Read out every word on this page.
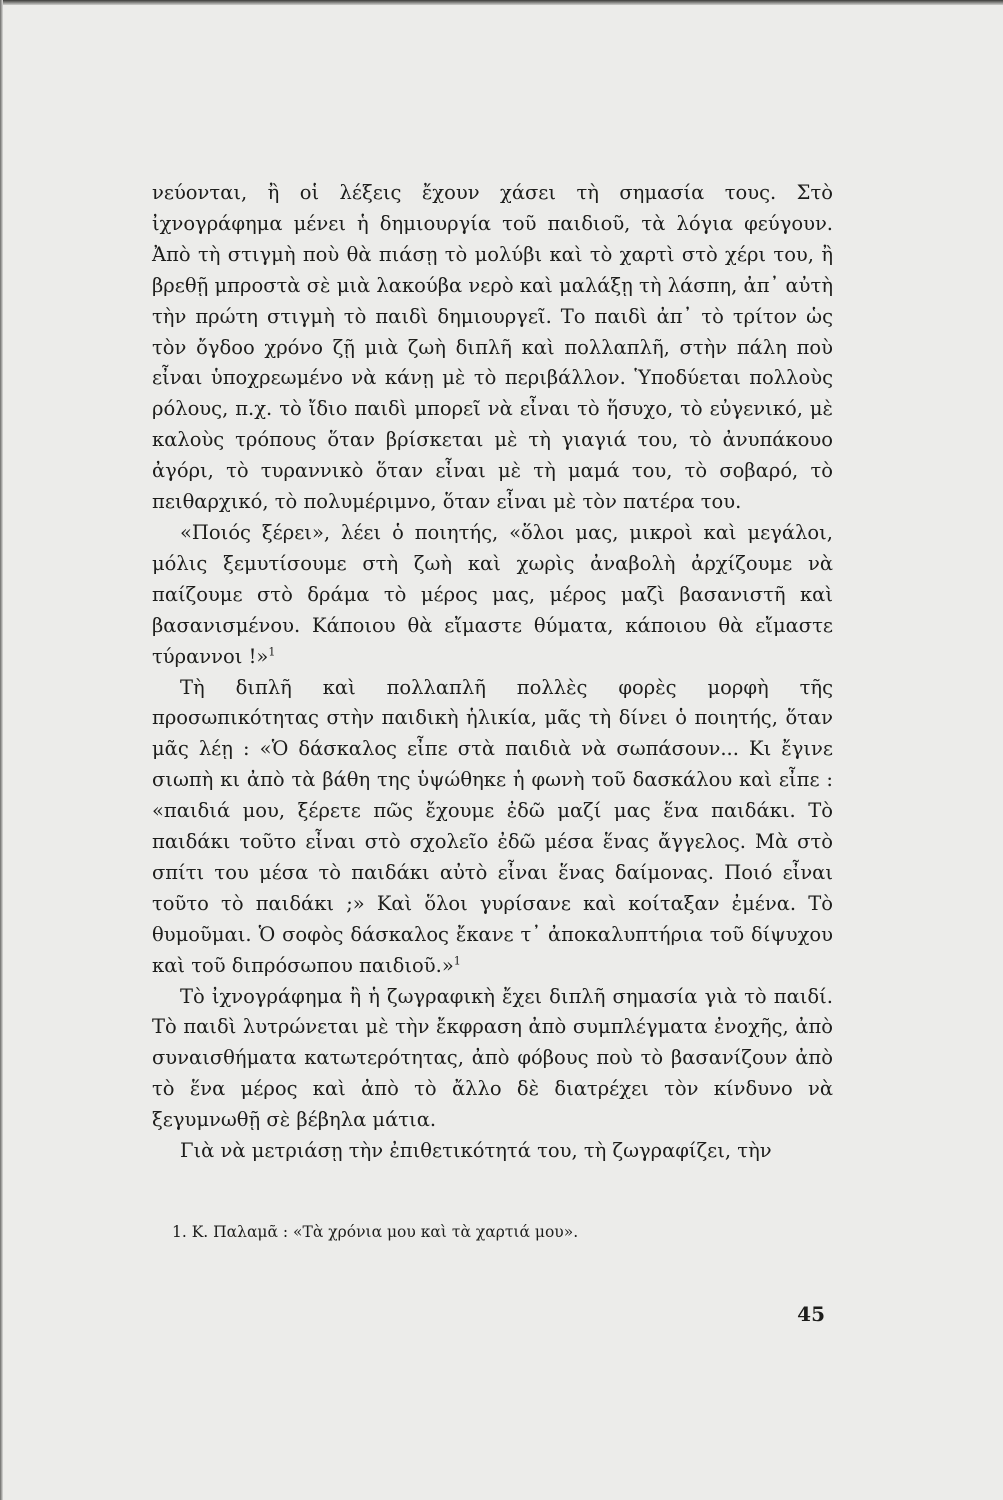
νεύονται, ἢ οἱ λέξεις ἔχουν χάσει τὴ σημασία τους. Στὸ ἰχνογράφημα μένει ἡ δημιουργία τοῦ παιδιοῦ, τὰ λόγια φεύγουν. Ἀπὸ τὴ στιγμὴ ποὺ θὰ πιάσῃ τὸ μολύβι καὶ τὸ χαρτὶ στὸ χέρι του, ἢ βρεθῇ μπροστὰ σὲ μιὰ λακούβα νερὸ καὶ μαλάξῃ τὴ λάσπη, ἀπ᾽ αὐτὴ τὴν πρώτη στιγμὴ τὸ παιδὶ δημιουργεῖ. Το παιδὶ ἀπ᾽ τὸ τρίτον ὡς τὸν ὄγδοο χρόνο ζῇ μιὰ ζωὴ διπλῆ καὶ πολλαπλῆ, στὴν πάλη ποὺ εἶναι ὑποχρεωμένο νὰ κάνῃ μὲ τὸ περιβάλλον. Ὑποδύεται πολλοὺς ρόλους, π.χ. τὸ ἴδιο παιδὶ μπορεῖ νὰ εἶναι τὸ ἥσυχο, τὸ εὐγενικό, μὲ καλοὺς τρόπους ὅταν βρίσκεται μὲ τὴ γιαγιά του, τὸ ἀνυπάκουο ἀγόρι, τὸ τυραννικὸ ὅταν εἶναι μὲ τὴ μαμά του, τὸ σοβαρό, τὸ πειθαρχικό, τὸ πολυμέριμνο, ὅταν εἶναι μὲ τὸν πατέρα του.

«Ποιός ξέρει», λέει ὁ ποιητής, «ὅλοι μας, μικροὶ καὶ μεγάλοι, μόλις ξεμυτίσουμε στὴ ζωὴ καὶ χωρὶς ἀναβολὴ ἀρχίζουμε νὰ παίζουμε στὸ δράμα τὸ μέρος μας, μέρος μαζὶ βασανιστῆ καὶ βασανισμένου. Κάποιου θὰ εἴμαστε θύματα, κάποιου θὰ εἴμαστε τύραννοι !»$^1$

Τὴ διπλῆ καὶ πολλαπλῆ πολλὲς φορὲς μορφὴ τῆς προσωπικότητας στὴν παιδικὴ ἡλικία, μᾶς τὴ δίνει ὁ ποιητής, ὅταν μᾶς λέῃ : «Ὁ δάσκαλος εἶπε στὰ παιδιὰ νὰ σωπάσουν... Κι ἔγινε σιωπὴ κι ἀπὸ τὰ βάθη της ὑψώθηκε ἡ φωνὴ τοῦ δασκάλου καὶ εἶπε : «παιδιά μου, ξέρετε πῶς ἔχουμε ἐδῶ μαζί μας ἕνα παιδάκι. Τὸ παιδάκι τοῦτο εἶναι στὸ σχολεῖο ἐδῶ μέσα ἕνας ἄγγελος. Μὰ στὸ σπίτι του μέσα τὸ παιδάκι αὐτὸ εἶναι ἕνας δαίμονας. Ποιό εἶναι τοῦτο τὸ παιδάκι ;» Καὶ ὅλοι γυρίσανε καὶ κοίταξαν ἐμένα. Τὸ θυμοῦμαι. Ὁ σοφὸς δάσκαλος ἔκανε τ᾽ ἀποκαλυπτήρια τοῦ δίψυχου καὶ τοῦ διπρόσωπου παιδιοῦ.»$^1$

Τὸ ἰχνογράφημα ἢ ἡ ζωγραφικὴ ἔχει διπλῆ σημασία γιὰ τὸ παιδί. Τὸ παιδὶ λυτρώνεται μὲ τὴν ἔκφραση ἀπὸ συμπλέγματα ἐνοχῆς, ἀπὸ συναισθήματα κατωτερότητας, ἀπὸ φόβους ποὺ τὸ βασανίζουν ἀπὸ τὸ ἕνα μέρος καὶ ἀπὸ τὸ ἄλλο δὲ διατρέχει τὸν κίνδυνο νὰ ξεγυμνωθῇ σὲ βέβηλα μάτια.

Γιὰ νὰ μετριάσῃ τὴν ἐπιθετικότητά του, τὴ ζωγραφίζει, τὴν

1. Κ. Παλαμᾶ : «Τὰ χρόνια μου καὶ τὰ χαρτιά μου».
45
